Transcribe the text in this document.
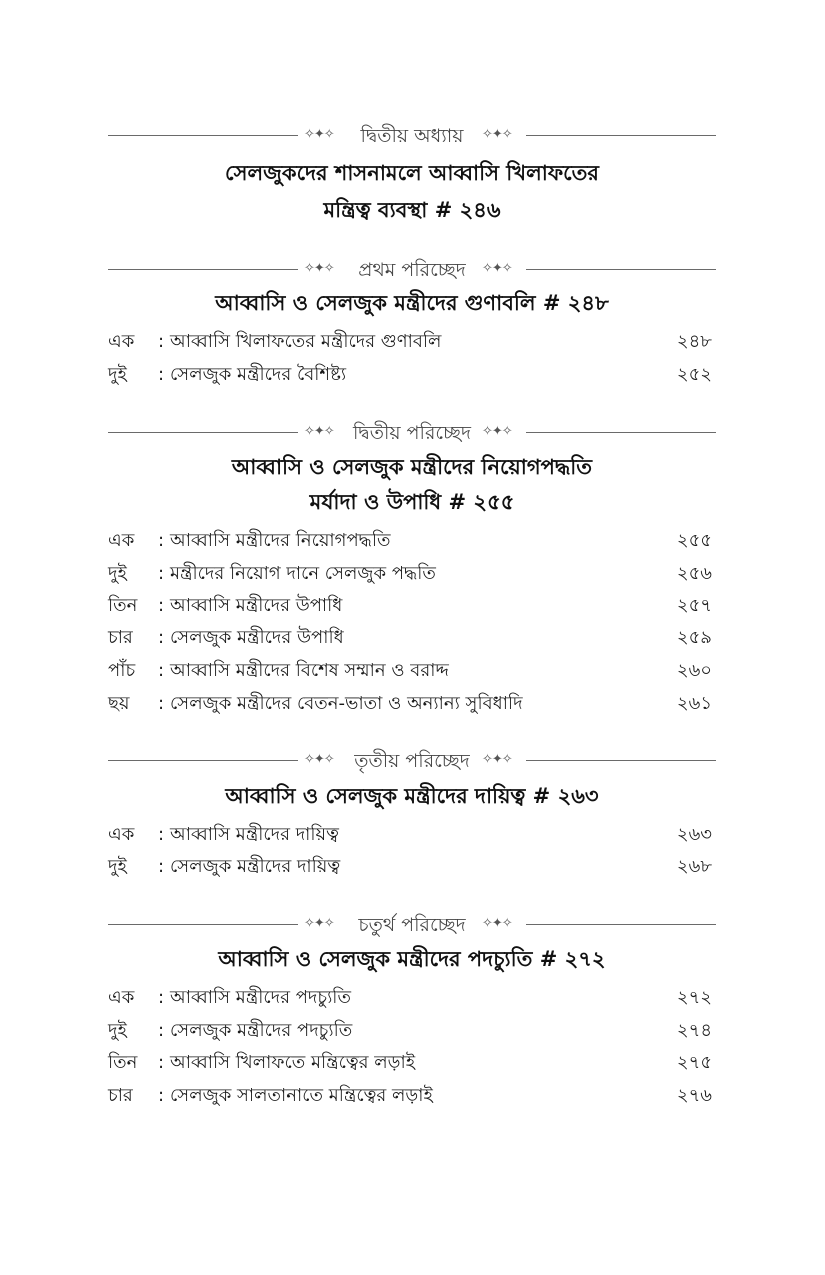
✧✦✧	দ্বিতীয় অধ্যায়	✧✦✧
সেলজুকদের শাসনামলে আব্বাসি খিলাফতের
মন্ত্রিত্ব ব্যবস্থা # ২৪৬
✧✦✧	প্রথম পরিচ্ছেদ	✧✦✧
আব্বাসি ও সেলজুক মন্ত্রীদের গুণাবলি # ২৪৮
এক	: আব্বাসি খিলাফতের মন্ত্রীদের গুণাবলি	২৪৮
দুই	: সেলজুক মন্ত্রীদের বৈশিষ্ট্য	২৫২
✧✦✧	দ্বিতীয় পরিচ্ছেদ ✧✦✧
আব্বাসি ও সেলজুক মন্ত্রীদের নিয়োগপদ্ধতি
মর্যাদা ও উপাধি # ২৫৫
এক	: আব্বাসি মন্ত্রীদের নিয়োগপদ্ধতি	২৫৫
দুই	: মন্ত্রীদের নিয়োগ দানে সেলজুক পদ্ধতি	২৫৬
তিন	: আব্বাসি মন্ত্রীদের উপাধি	২৫৭
চার	: সেলজুক মন্ত্রীদের উপাধি	২৫৯
পাঁচ	: আব্বাসি মন্ত্রীদের বিশেষ সম্মান ও বরাদ্দ	২৬০
ছয়	: সেলজুক মন্ত্রীদের বেতন-ভাতা ও অন্যান্য সুবিধাদি	২৬১
✧✦✧	তৃতীয় পরিচ্ছেদ ✧✦✧
আব্বাসি ও সেলজুক মন্ত্রীদের দায়িত্ব # ২৬৩
এক	: আব্বাসি মন্ত্রীদের দায়িত্ব	২৬৩
দুই	: সেলজুক মন্ত্রীদের দায়িত্ব	২৬৮
✧✦✧	চতুর্থ পরিচ্ছেদ	✧✦✧
আব্বাসি ও সেলজুক মন্ত্রীদের পদচ্যুতি # ২৭২
এক	: আব্বাসি মন্ত্রীদের পদচ্যুতি	২৭২
দুই	: সেলজুক মন্ত্রীদের পদচ্যুতি	২৭৪
তিন	: আব্বাসি খিলাফতে মন্ত্রিত্বের লড়াই	২৭৫
চার	: সেলজুক সালতানাতে মন্ত্রিত্বের লড়াই	২৭৬
